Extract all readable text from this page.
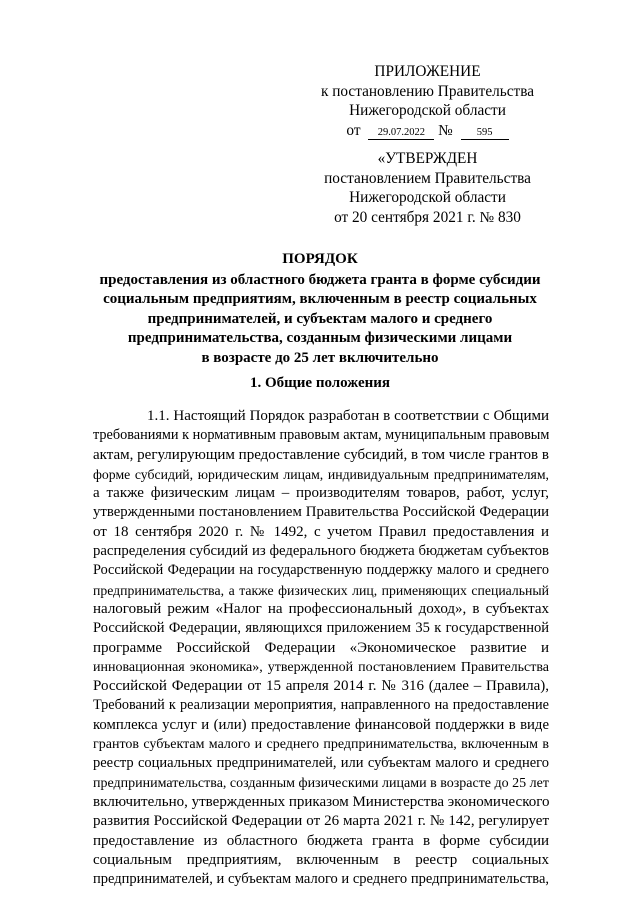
ПРИЛОЖЕНИЕ
к постановлению Правительства
Нижегородской области
от 29.07.2022 № 595
«УТВЕРЖДЕН
постановлением Правительства
Нижегородской области
от 20 сентября 2021 г. № 830
ПОРЯДОК
предоставления из областного бюджета гранта в форме субсидии
социальным предприятиям, включенным в реестр социальных
предпринимателей, и субъектам малого и среднего
предпринимательства, созданным физическими лицами
в возрасте до 25 лет включительно
1. Общие положения
1.1. Настоящий Порядок разработан в соответствии с Общими
требованиями к нормативным правовым актам, муниципальным правовым
актам, регулирующим предоставление субсидий, в том числе грантов в
форме субсидий, юридическим лицам, индивидуальным предпринимателям,
а также физическим лицам – производителям товаров, работ, услуг,
утвержденными постановлением Правительства Российской Федерации
от 18 сентября 2020 г. № 1492, с учетом Правил предоставления и
распределения субсидий из федерального бюджета бюджетам субъектов
Российской Федерации на государственную поддержку малого и среднего
предпринимательства, а также физических лиц, применяющих специальный
налоговый режим «Налог на профессиональный доход», в субъектах
Российской Федерации, являющихся приложением 35 к государственной
программе Российской Федерации «Экономическое развитие и
инновационная экономика», утвержденной постановлением Правительства
Российской Федерации от 15 апреля 2014 г. № 316 (далее – Правила),
Требований к реализации мероприятия, направленного на предоставление
комплекса услуг и (или) предоставление финансовой поддержки в виде
грантов субъектам малого и среднего предпринимательства, включенным в
реестр социальных предпринимателей, или субъектам малого и среднего
предпринимательства, созданным физическими лицами в возрасте до 25 лет
включительно, утвержденных приказом Министерства экономического
развития Российской Федерации от 26 марта 2021 г. № 142, регулирует
предоставление из областного бюджета гранта в форме субсидии
социальным предприятиям, включенным в реестр социальных
предпринимателей, и субъектам малого и среднего предпринимательства,
